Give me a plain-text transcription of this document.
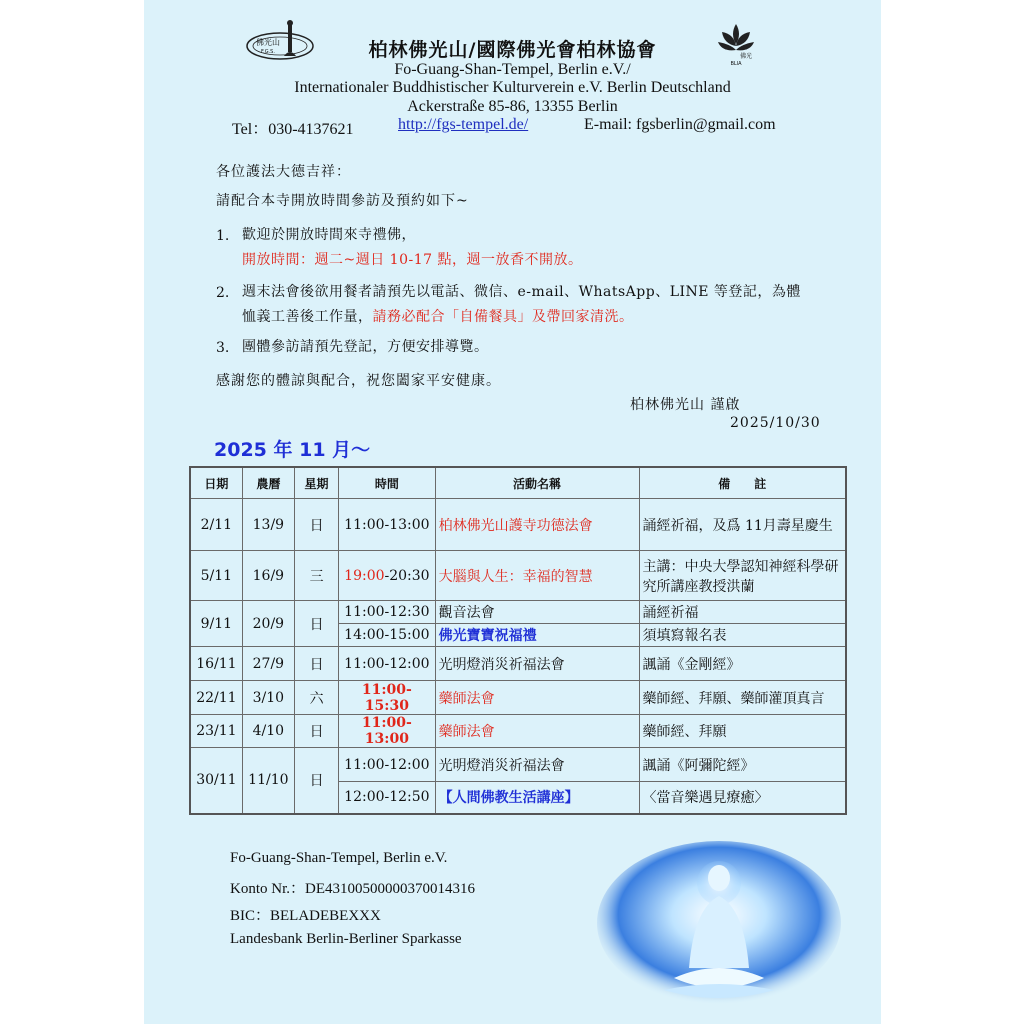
佛光山
F.G.S.
佛光
BLIA
柏林佛光山/國際佛光會柏林協會
Fo-Guang-Shan-Tempel, Berlin e.V./
Internationaler Buddhistischer Kulturverein e.V. Berlin Deutschland
Ackerstraße 85-86, 13355 Berlin
Tel：030-4137621	http://fgs-tempel.de/	E-mail: fgsberlin@gmail.com
各位護法大德吉祥：
請配合本寺開放時間參訪及預約如下~
1. 歡迎於開放時間來寺禮佛，
開放時間：週二~週日 10-17 點，週一放香不開放。
2. 週末法會後欲用餐者請預先以電話、微信、e-mail、WhatsApp、LINE 等登記，為體恤義工善後工作量，請務必配合「自備餐具」及帶回家清洗。
3. 團體參訪請預先登記，方便安排導覽。
感謝您的體諒與配合，祝您闔家平安健康。
柏林佛光山 謹啟
2025/10/30
2025 年 11 月～
日期	農曆	星期	時間	活動名稱	備　　註
2/11	13/9	日	11:00-13:00	柏林佛光山護寺功德法會	誦經祈福，及爲 11月壽星慶生
5/11	16/9	三	19:00-20:30	大腦與人生：幸福的智慧	主講：中央大學認知神經科學研究所講座教授洪蘭
9/11	20/9	日	11:00-12:30	觀音法會	誦經祈福
			14:00-15:00	佛光寶寶祝福禮	須填寫報名表
16/11	27/9	日	11:00-12:00	光明燈消災祈福法會	諷誦《金剛經》
22/11	3/10	六	11:00-15:30	藥師法會	藥師經、拜願、藥師灌頂真言
23/11	4/10	日	11:00-13:00	藥師法會	藥師經、拜願
30/11	11/10	日	11:00-12:00	光明燈消災祈福法會	諷誦《阿彌陀經》
			12:00-12:50	【人間佛教生活講座】	〈當音樂遇見療癒〉
Fo-Guang-Shan-Tempel, Berlin e.V.
Konto Nr.：DE43100500000370014316
BIC：BELADEBEXXX
Landesbank Berlin-Berliner Sparkasse
